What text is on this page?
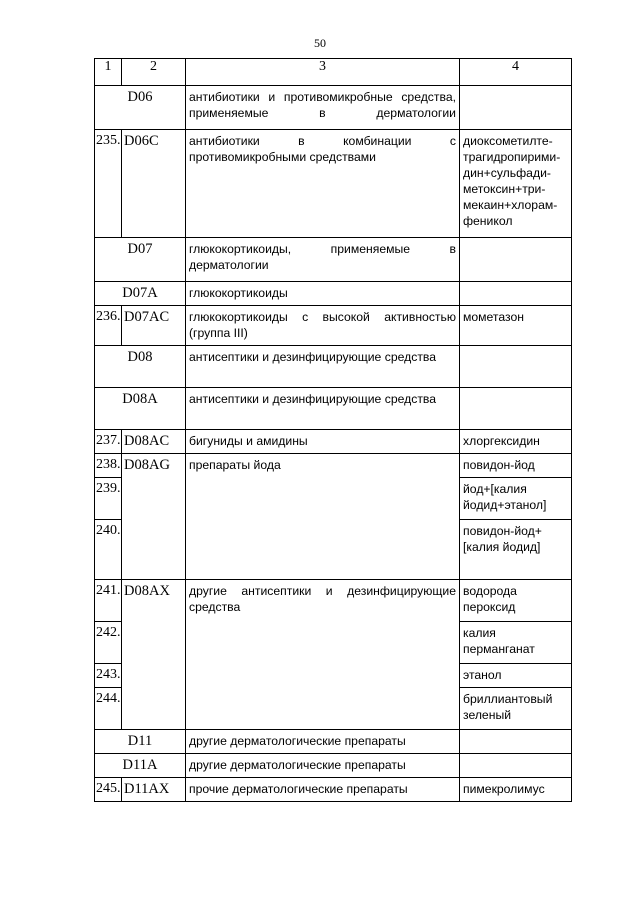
50
1	2	3	4
D06		антибиотики и противомикробные средства, применяемые в дерматологии	
235.	D06C	антибиотики в комбинации с противомикробными средствами	диоксометилте-трагидропирими-дин+сульфади-метоксин+три-мекаин+хлорам-феникол
D07		глюкокортикоиды, применяемые в дерматологии	
D07A		глюкокортикоиды	
236.	D07AC	глюкокортикоиды с высокой активностью (группа III)	мометазон
D08		антисептики и дезинфицирующие средства	
D08A		антисептики и дезинфицирующие средства	
237.	D08AC	бигуниды и амидины	хлоргексидин
238.	D08AG	препараты йода	повидон-йод
239.			йод+[калия йодид+этанол]
240.			повидон-йод+[калия йодид]
241.	D08AX	другие антисептики и дезинфицирующие средства	водорода пероксид
242.			калия перманганат
243.			этанол
244.			бриллиантовый зеленый
D11		другие дерматологические препараты	
D11A		другие дерматологические препараты	
245.	D11AX	прочие дерматологические препараты	пимекролимус
